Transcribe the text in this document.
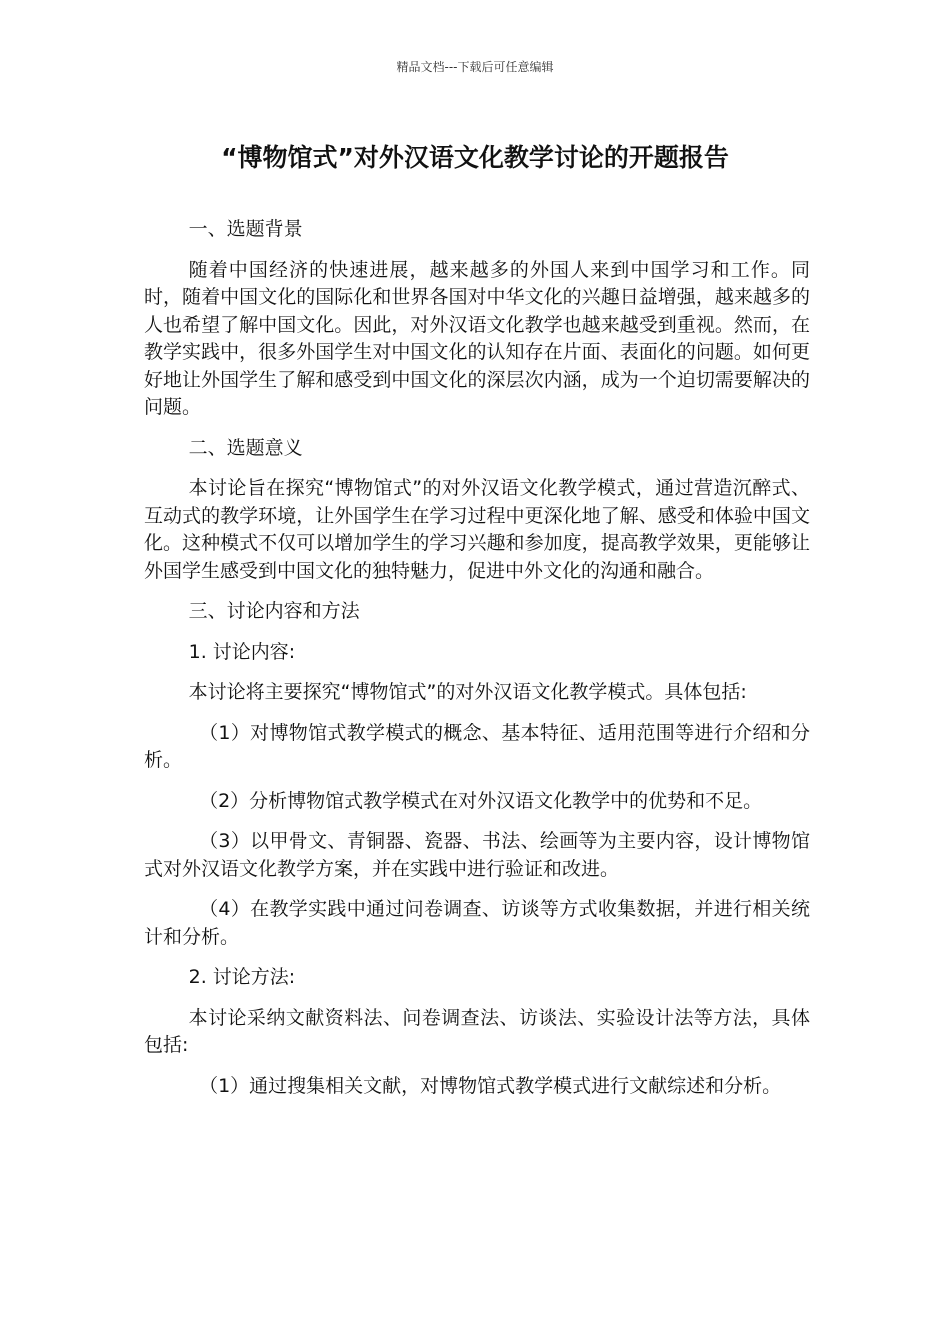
精品文档---下载后可任意编辑
“博物馆式”对外汉语文化教学讨论的开题报告

一、选题背景

随着中国经济的快速进展，越来越多的外国人来到中国学习和工作。同时，随着中国文化的国际化和世界各国对中华文化的兴趣日益增强，越来越多的人也希望了解中国文化。因此，对外汉语文化教学也越来越受到重视。然而，在教学实践中，很多外国学生对中国文化的认知存在片面、表面化的问题。如何更好地让外国学生了解和感受到中国文化的深层次内涵，成为一个迫切需要解决的问题。

二、选题意义

本讨论旨在探究“博物馆式”的对外汉语文化教学模式，通过营造沉醉式、互动式的教学环境，让外国学生在学习过程中更深化地了解、感受和体验中国文化。这种模式不仅可以增加学生的学习兴趣和参加度，提高教学效果，更能够让外国学生感受到中国文化的独特魅力，促进中外文化的沟通和融合。

三、讨论内容和方法

1. 讨论内容:

本讨论将主要探究“博物馆式”的对外汉语文化教学模式。具体包括:

（1）对博物馆式教学模式的概念、基本特征、适用范围等进行介绍和分析。

（2）分析博物馆式教学模式在对外汉语文化教学中的优势和不足。

（3）以甲骨文、青铜器、瓷器、书法、绘画等为主要内容，设计博物馆式对外汉语文化教学方案，并在实践中进行验证和改进。

（4）在教学实践中通过问卷调查、访谈等方式收集数据，并进行相关统计和分析。

2. 讨论方法:

本讨论采纳文献资料法、问卷调查法、访谈法、实验设计法等方法，具体包括:

（1）通过搜集相关文献，对博物馆式教学模式进行文献综述和分析。
